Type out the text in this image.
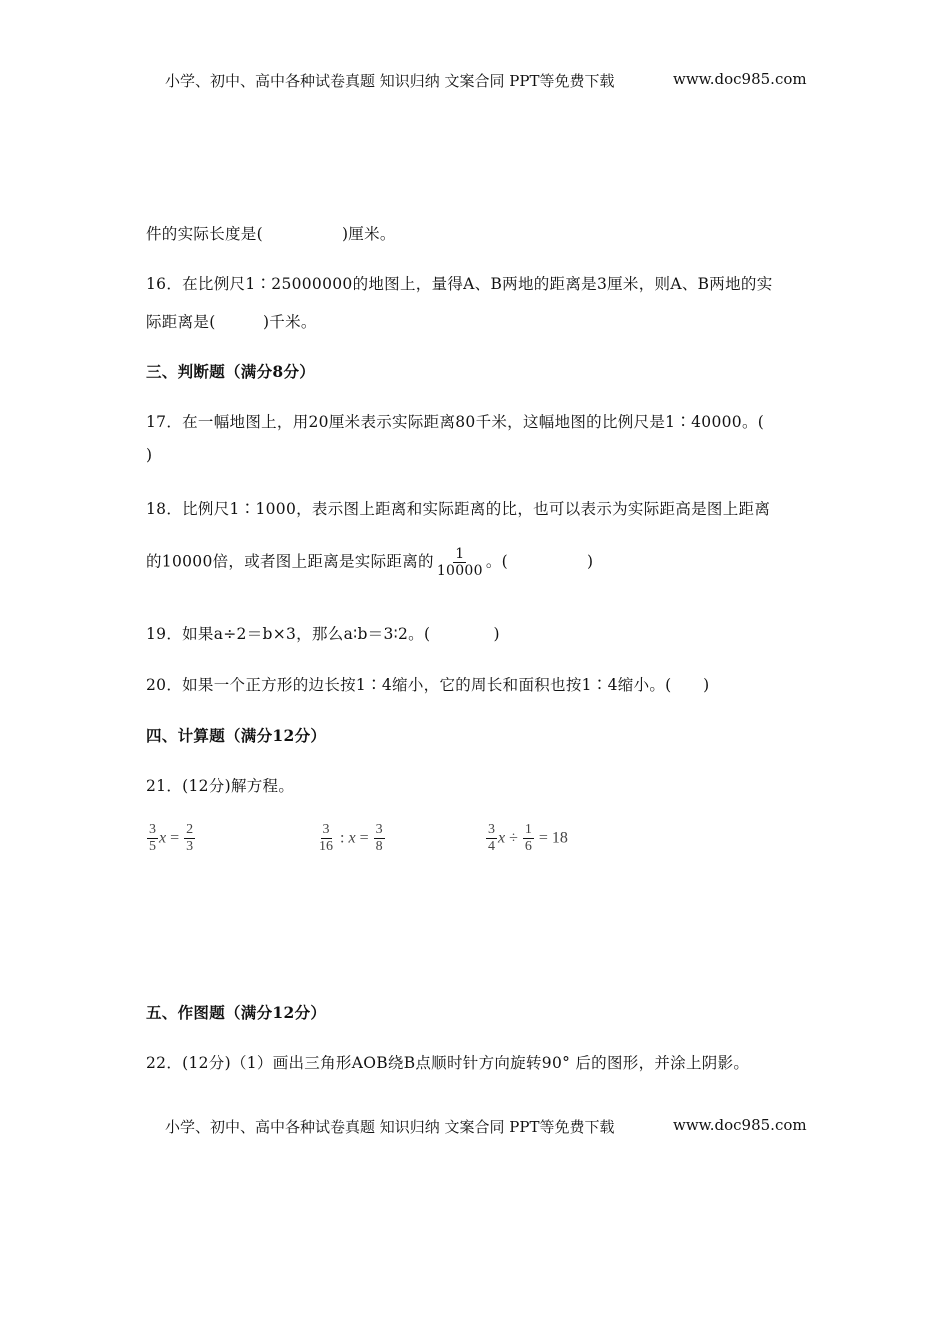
小学、初中、高中各种试卷真题 知识归纳 文案合同 PPT等免费下载	www.doc985.com
件的实际长度是(　　　　　)厘米。
16．在比例尺1∶25000000的地图上，量得A、B两地的距离是3厘米，则A、B两地的实
际距离是(　　　)千米。
三、判断题（满分8分）
17．在一幅地图上，用20厘米表示实际距离80千米，这幅地图的比例尺是1∶40000。(
)
18．比例尺1∶1000，表示图上距离和实际距离的比，也可以表示为实际距高是图上距离
的10000倍，或者图上距离是实际距离的 $\frac{1}{10000}$ 。(　　　　　)
19．如果a÷2＝b×3，那么a∶b＝3∶2。(　　　　)
20．如果一个正方形的边长按1∶4缩小，它的周长和面积也按1∶4缩小。(　　)
四、计算题（满分12分）
21．(12分)解方程。
$\frac{3}{5}$ $x = \frac{2}{3}$	$\frac{3}{16}$ : $x = \frac{3}{8}$	$\frac{3}{4}$ $x \div \frac{1}{6} = 18$
五、作图题（满分12分）
22．(12分)（1）画出三角形AOB绕B点顺时针方向旋转90° 后的图形，并涂上阴影。
小学、初中、高中各种试卷真题 知识归纳 文案合同 PPT等免费下载	www.doc985.com
